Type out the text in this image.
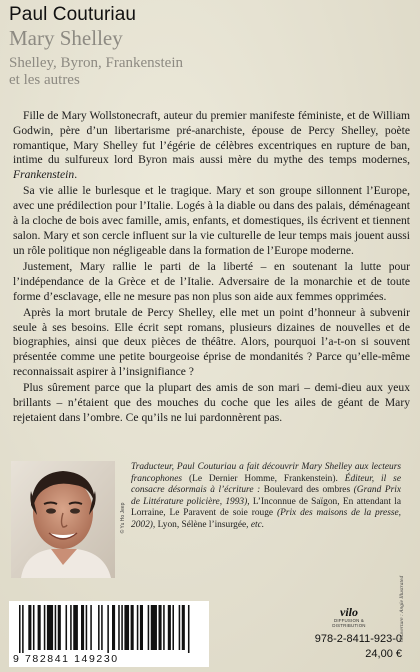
Paul Couturiau
Mary Shelley
Shelley, Byron, Frankenstein
et les autres

Fille de Mary Wollstonecraft, auteur du premier manifeste féministe, et de William Godwin, père d’un libertarisme pré-anarchiste, épouse de Percy Shelley, poète romantique, Mary Shelley fut l’égérie de célèbres excentriques en rupture de ban, intime du sulfureux lord Byron mais aussi mère du mythe des temps modernes, Frankenstein.

Sa vie allie le burlesque et le tragique. Mary et son groupe sillonnent l’Europe, avec une prédilection pour l’Italie. Logés à la diable ou dans des palais, déménageant à la cloche de bois avec famille, amis, enfants, et domestiques, ils écrivent et tiennent salon. Mary et son cercle influent sur la vie culturelle de leur temps mais jouent aussi un rôle politique non négligeable dans la formation de l’Europe moderne.

Justement, Mary rallie le parti de la liberté – en soutenant la lutte pour l’indépendance de la Grèce et de l’Italie. Adversaire de la monarchie et de toute forme d’esclavage, elle ne mesure pas non plus son aide aux femmes opprimées.

Après la mort brutale de Percy Shelley, elle met un point d’honneur à subvenir seule à ses besoins. Elle écrit sept romans, plusieurs dizaines de nouvelles et de biographies, ainsi que deux pièces de théâtre. Alors, pourquoi l’a-t-on si souvent présentée comme une petite bourgeoise éprise de mondanités ? Parce qu’elle-même reconnaissait aspirer à l’insignifiance ?

Plus sûrement parce que la plupart des amis de son mari – demi-dieu aux yeux brillants – n’étaient que des mouches du coche que les ailes de géant de Mary rejetaient dans l’ombre. Ce qu’ils ne lui pardonnèrent pas.

© Yu Ho Jeep
Traducteur, Paul Couturiau a fait découvrir Mary Shelley aux lecteurs francophones (Le Dernier Homme, Frankenstein). Éditeur, il se consacre désormais à l’écriture : Boulevard des ombres (Grand Prix de Littérature policière, 1993), L’Inconnue de Saïgon, En attendant la Lorraine, Le Paravent de soie rouge (Prix des maisons de la presse, 2002), Lyon, Sélène l’insurgée, etc.
Couverture : Angie Illustrated
9 782841 149230
vilo
DIFFUSION & DISTRIBUTION
978-2-8411-923-0
24,00 €
